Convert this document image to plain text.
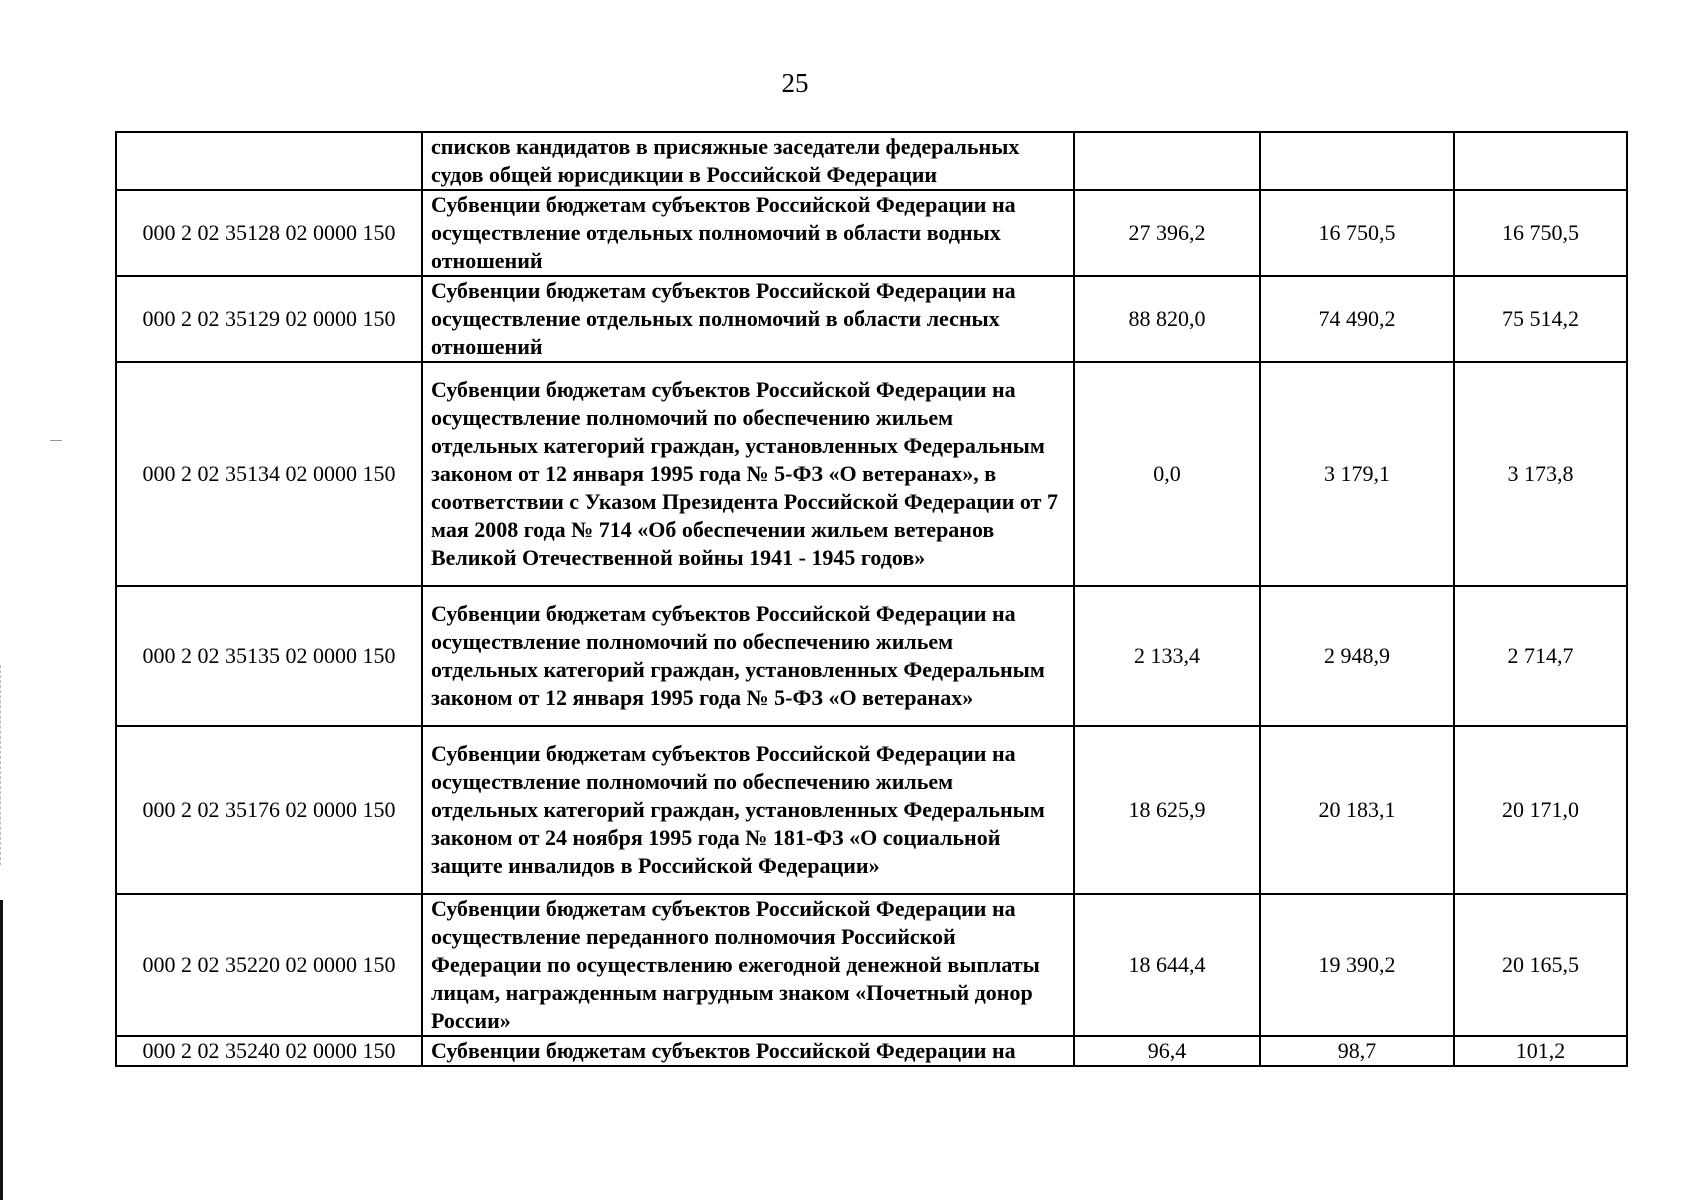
25
	списков кандидатов в присяжные заседатели федеральных судов общей юрисдикции в Российской Федерации			
000 2 02 35128 02 0000 150	Субвенции бюджетам субъектов Российской Федерации на осуществление отдельных полномочий в области водных отношений	27 396,2	16 750,5	16 750,5
000 2 02 35129 02 0000 150	Субвенции бюджетам субъектов Российской Федерации на осуществление отдельных полномочий в области лесных отношений	88 820,0	74 490,2	75 514,2
000 2 02 35134 02 0000 150	Субвенции бюджетам субъектов Российской Федерации на осуществление полномочий по обеспечению жильем отдельных категорий граждан, установленных Федеральным законом от 12 января 1995 года № 5-ФЗ «О ветеранах», в соответствии с Указом Президента Российской Федерации от 7 мая 2008 года № 714 «Об обеспечении жильем ветеранов Великой Отечественной войны 1941 - 1945 годов»	0,0	3 179,1	3 173,8
000 2 02 35135 02 0000 150	Субвенции бюджетам субъектов Российской Федерации на осуществление полномочий по обеспечению жильем отдельных категорий граждан, установленных Федеральным законом от 12 января 1995 года № 5-ФЗ «О ветеранах»	2 133,4	2 948,9	2 714,7
000 2 02 35176 02 0000 150	Субвенции бюджетам субъектов Российской Федерации на осуществление полномочий по обеспечению жильем отдельных категорий граждан, установленных Федеральным законом от 24 ноября 1995 года № 181-ФЗ «О социальной защите инвалидов в Российской Федерации»	18 625,9	20 183,1	20 171,0
000 2 02 35220 02 0000 150	Субвенции бюджетам субъектов Российской Федерации на осуществление переданного полномочия Российской Федерации по осуществлению ежегодной денежной выплаты лицам, награжденным нагрудным знаком «Почетный донор России»	18 644,4	19 390,2	20 165,5
000 2 02 35240 02 0000 150	Субвенции бюджетам субъектов Российской Федерации на	96,4	98,7	101,2
